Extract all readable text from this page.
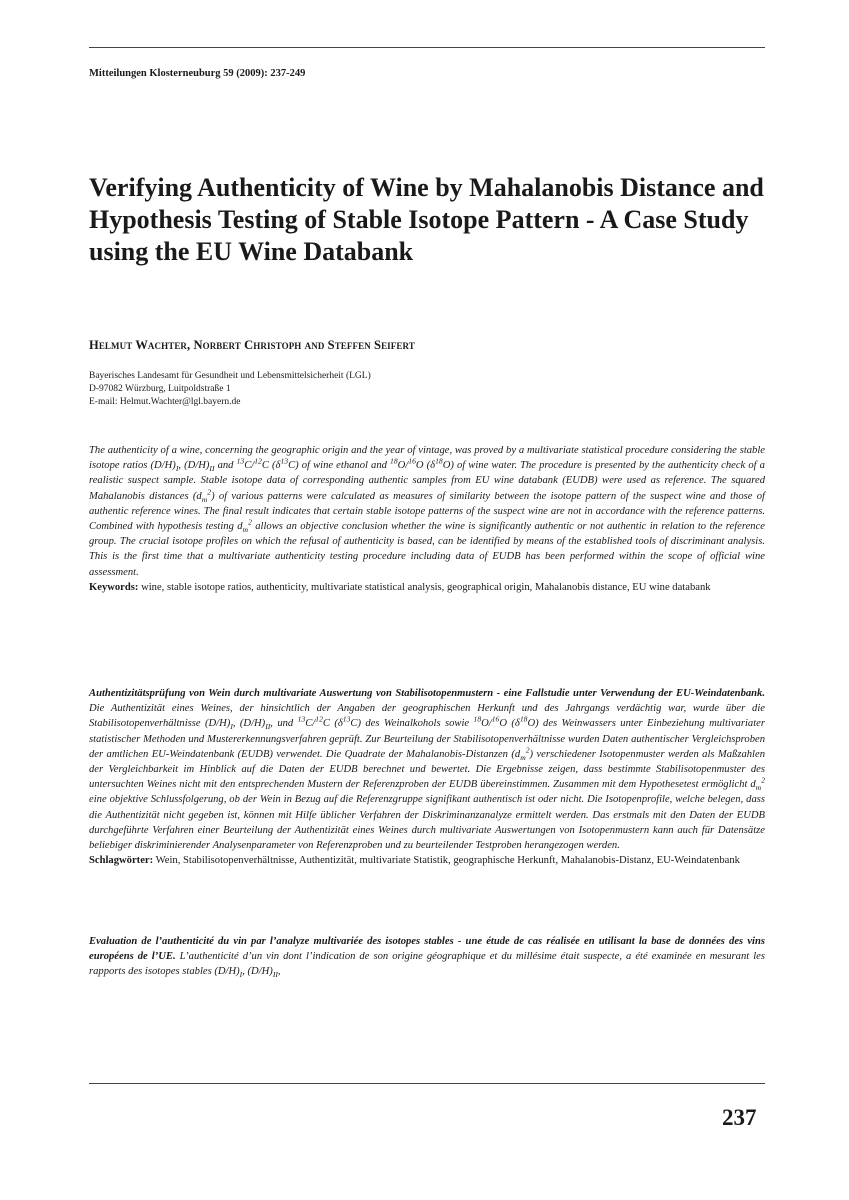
Mitteilungen Klosterneuburg 59 (2009): 237-249
Verifying Authenticity of Wine by Mahalanobis Distance and Hypothesis Testing of Stable Isotope Pattern - A Case Study using the EU Wine Databank
Helmut Wachter, Norbert Christoph and Steffen Seifert
Bayerisches Landesamt für Gesundheit und Lebensmittelsicherheit (LGL)
D-97082 Würzburg, Luitpoldstraße 1
E-mail: Helmut.Wachter@lgl.bayern.de
The authenticity of a wine, concerning the geographic origin and the year of vintage, was proved by a multivariate statistical procedure considering the stable isotope ratios $(D/H)_I$, $(D/H)_{II}$ and $^{13}$C/$^{12}$C $(\delta^{13}C)$ of wine ethanol and $^{18}$O/$^{16}$O $(\delta^{18}O)$ of wine water. The procedure is presented by the authenticity check of a realistic suspect sample. Stable isotope data of corresponding authentic samples from EU wine databank (EUDB) were used as reference. The squared Mahalanobis distances $(d_m^2)$ of various patterns were calculated as measures of similarity between the isotope pattern of the suspect wine and those of authentic reference wines. The final result indicates that certain stable isotope patterns of the suspect wine are not in accordance with the reference patterns. Combined with hypothesis testing $d_m^2$ allows an objective conclusion whether the wine is significantly authentic or not authentic in relation to the reference group. The crucial isotope profiles on which the refusal of authenticity is based, can be identified by means of the established tools of discriminant analysis. This is the first time that a multivariate authenticity testing procedure including data of EUDB has been performed within the scope of official wine assessment.
Keywords: wine, stable isotope ratios, authenticity, multivariate statistical analysis, geographical origin, Mahalanobis distance, EU wine databank
Authentizitätsprüfung von Wein durch multivariate Auswertung von Stabilisotopenmustern - eine Fallstudie unter Verwendung der EU-Weindatenbank. Die Authentizität eines Weines, der hinsichtlich der Angaben der geographischen Herkunft und des Jahrgangs verdächtig war, wurde über die Stabilisotopenverhältnisse $(D/H)_I$, $(D/H)_{II}$, und $^{13}$C/$^{12}$C $(\delta^{13}C)$ des Weinalkohols sowie $^{18}$O/$^{16}$O $(\delta^{18}O)$ des Weinwassers unter Einbeziehung multivariater statistischer Methoden und Mustererkennungsverfahren geprüft. Zur Beurteilung der Stabilisotopenverhältnisse wurden Daten authentischer Vergleichsproben der amtlichen EU-Weindatenbank (EUDB) verwendet. Die Quadrate der Mahalanobis-Distanzen $(d_m^2)$ verschiedener Isotopenmuster werden als Maßzahlen der Vergleichbarkeit im Hinblick auf die Daten der EUDB berechnet und bewertet. Die Ergebnisse zeigen, dass bestimmte Stabilisotopenmuster des untersuchten Weines nicht mit den entsprechenden Mustern der Referenzproben der EUDB übereinstimmen. Zusammen mit dem Hypothesetest ermöglicht $d_m^2$ eine objektive Schlussfolgerung, ob der Wein in Bezug auf die Referenzgruppe signifikant authentisch ist oder nicht. Die Isotopenprofile, welche belegen, dass die Authentizität nicht gegeben ist, können mit Hilfe üblicher Verfahren der Diskriminanzanalyze ermittelt werden. Das erstmals mit den Daten der EUDB durchgeführte Verfahren einer Beurteilung der Authentizität eines Weines durch multivariate Auswertungen von Isotopenmustern kann auch für Datensätze beliebiger diskriminierender Analysenparameter von Referenzproben und zu beurteilender Testproben herangezogen werden.
Schlagwörter: Wein, Stabilisotopenverhältnisse, Authentizität, multivariate Statistik, geographische Herkunft, Mahalanobis-Distanz, EU-Weindatenbank
Evaluation de l’authenticité du vin par l’analyze multivariée des isotopes stables - une étude de cas réalisée en utilisant la base de données des vins européens de l’UE. L’authenticité d’un vin dont l’indication de son origine géographique et du millésime était suspecte, a été examinée en mesurant les rapports des isotopes stables $(D/H)_I$, $(D/H)_{II}$,
237
